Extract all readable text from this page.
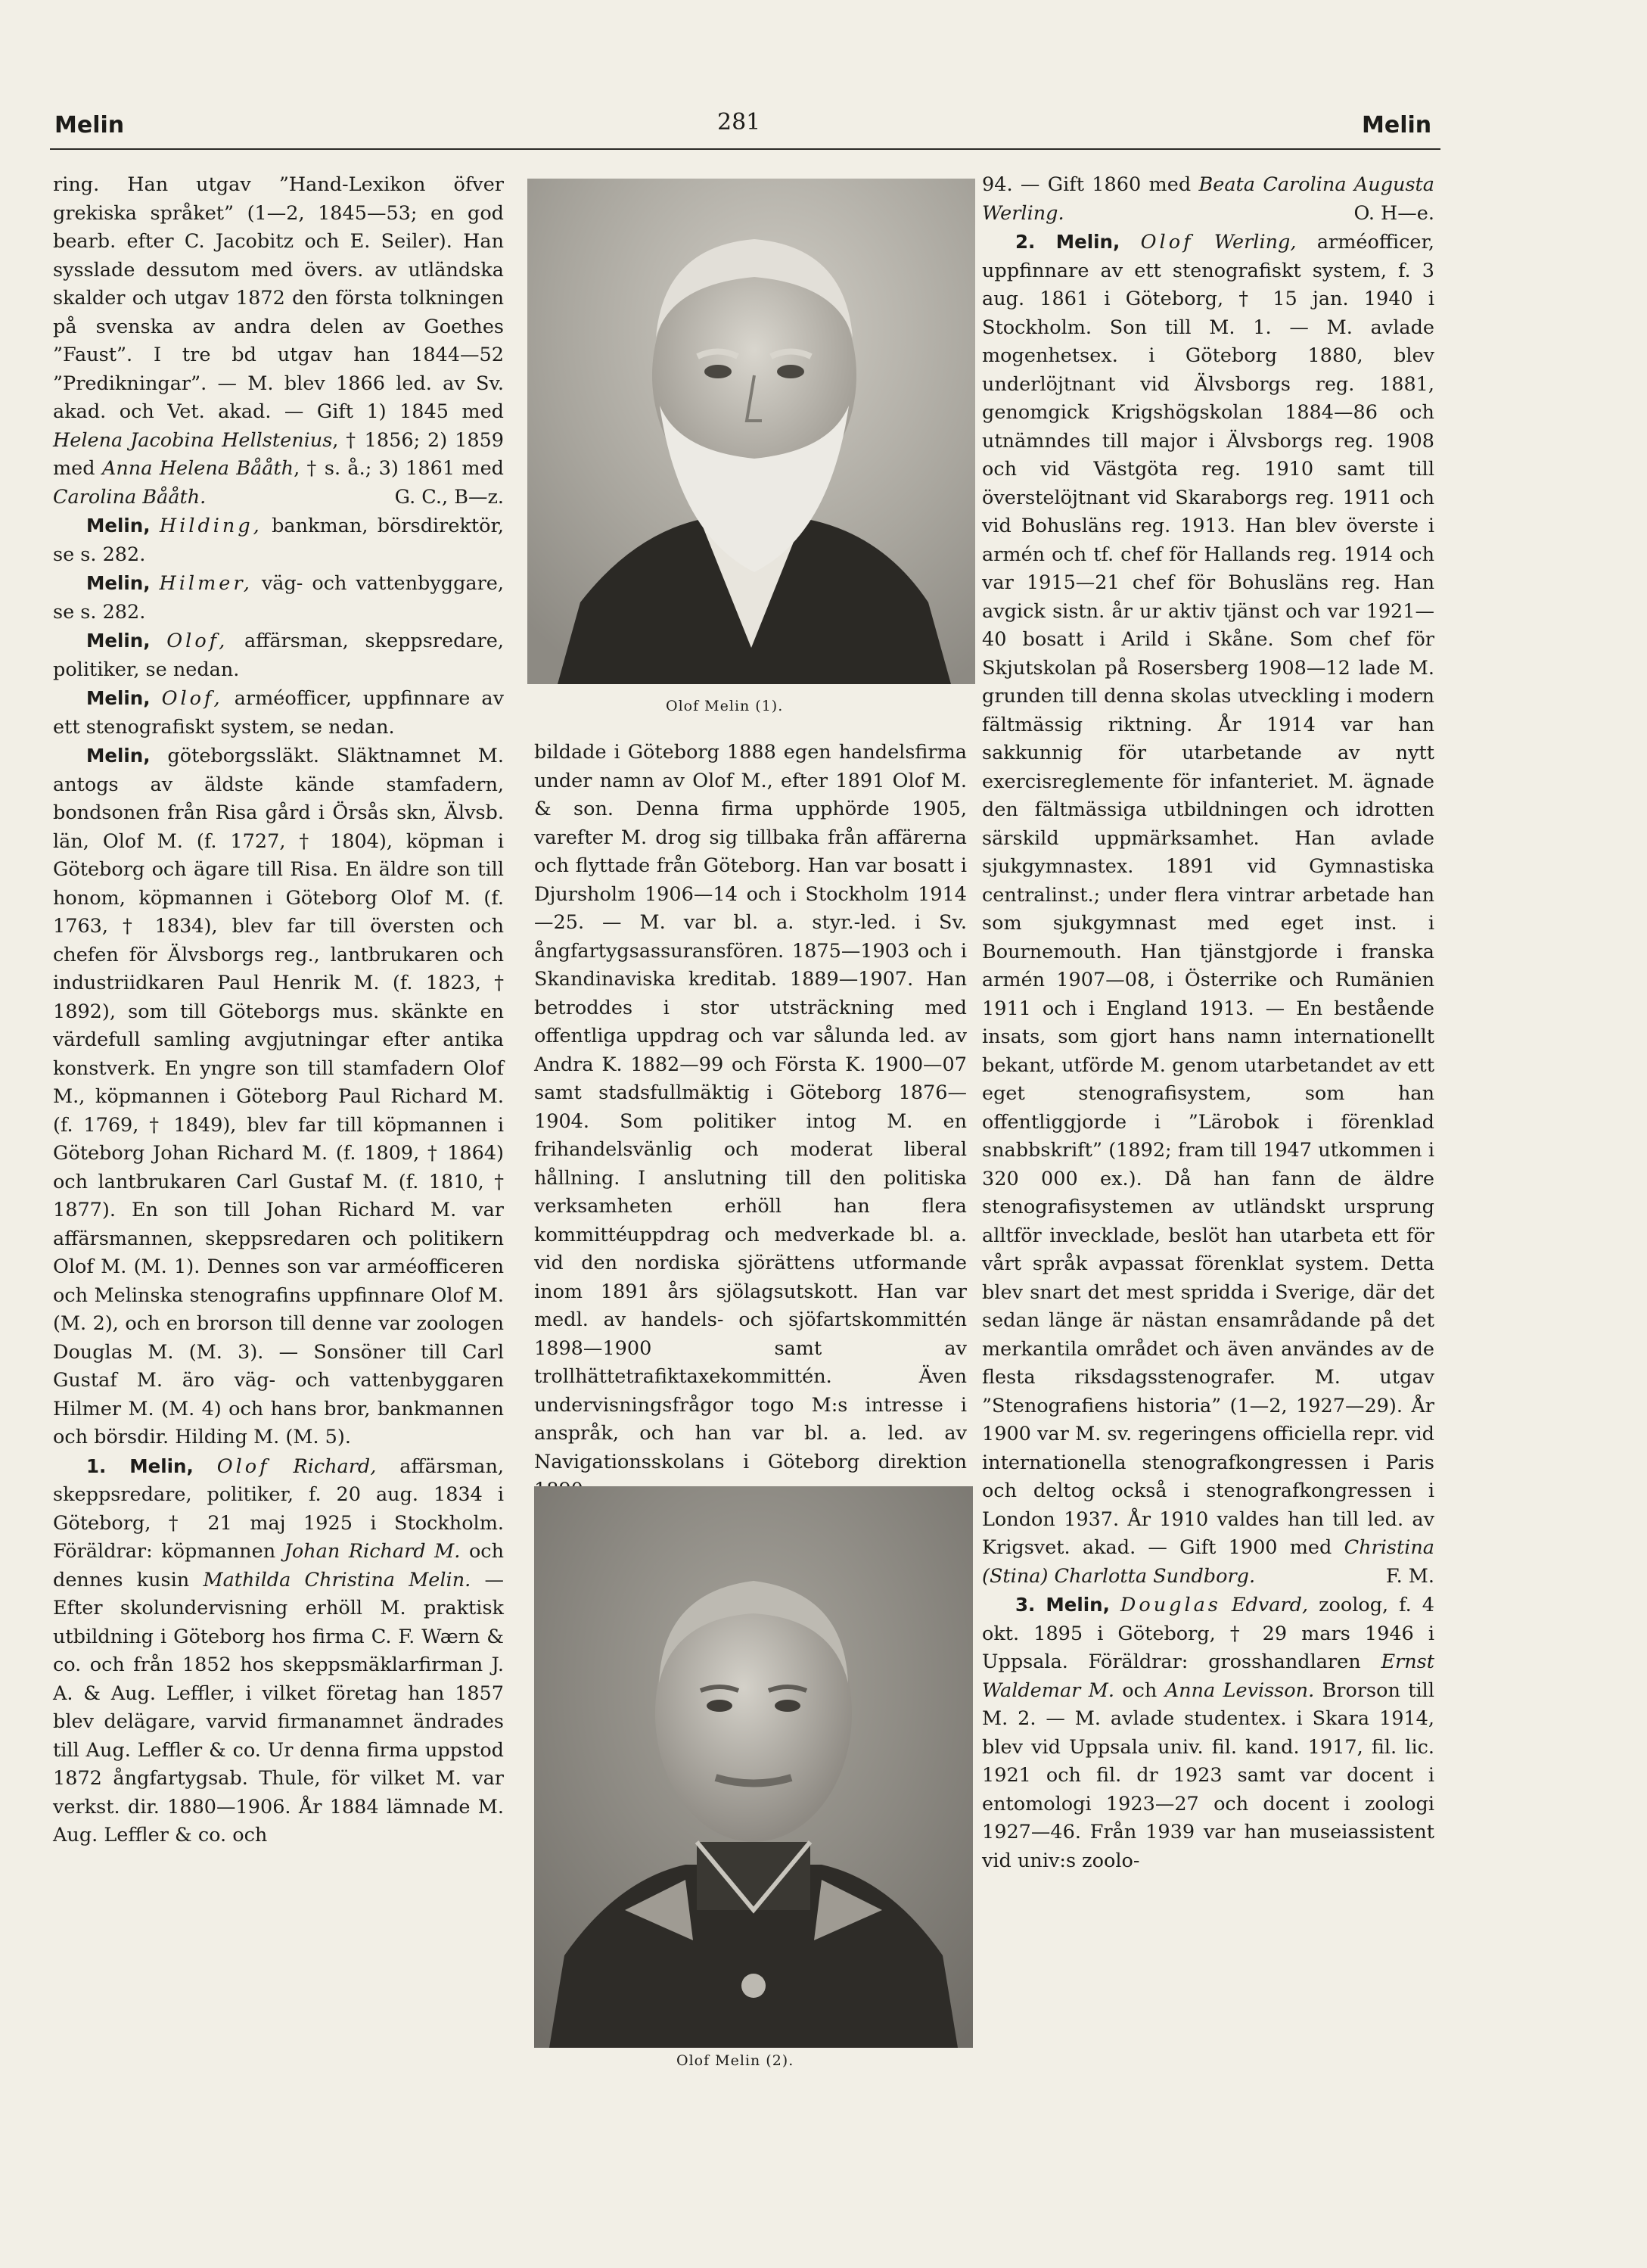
Melin	281	Melin

ring. Han utgav ”Hand-Lexikon öfver grekiska språket” (1—2, 1845—53; en god bearb. efter C. Jacobitz och E. Seiler). Han sysslade dessutom med övers. av utländska skalder och utgav 1872 den första tolkningen på svenska av andra delen av Goethes ”Faust”. I tre bd utgav han 1844—52 ”Predikningar”. — M. blev 1866 led. av Sv. akad. och Vet. akad. — Gift 1) 1845 med Helena Jacobina Hellstenius, † 1856; 2) 1859 med Anna Helena Bååth, † s. å.; 3) 1861 med Carolina Bååth.	G. C., B—z.

Melin, Hilding, bankman, börsdirektör, se s. 282.

Melin, Hilmer, väg- och vattenbyggare, se s. 282.

Melin, Olof, affärsman, skeppsredare, politiker, se nedan.

Melin, Olof, arméofficer, uppfinnare av ett stenografiskt system, se nedan.

Melin, göteborgssläkt. Släktnamnet M. antogs av äldste kände stamfadern, bondsonen från Risa gård i Örsås skn, Älvsb. län, Olof M. (f. 1727, † 1804), köpman i Göteborg och ägare till Risa. En äldre son till honom, köpmannen i Göteborg Olof M. (f. 1763, † 1834), blev far till översten och chefen för Älvsborgs reg., lantbrukaren och industriidkaren Paul Henrik M. (f. 1823, † 1892), som till Göteborgs mus. skänkte en värdefull samling avgjutningar efter antika konstverk. En yngre son till stamfadern Olof M., köpmannen i Göteborg Paul Richard M. (f. 1769, † 1849), blev far till köpmannen i Göteborg Johan Richard M. (f. 1809, † 1864) och lantbrukaren Carl Gustaf M. (f. 1810, † 1877). En son till Johan Richard M. var affärsmannen, skeppsredaren och politikern Olof M. (M. 1). Dennes son var arméofficeren och Melinska stenografins uppfinnare Olof M. (M. 2), och en brorson till denne var zoologen Douglas M. (M. 3). — Sonsöner till Carl Gustaf M. äro väg- och vattenbyggaren Hilmer M. (M. 4) och hans bror, bankmannen och börsdir. Hilding M. (M. 5).

1. Melin, Olof Richard, affärsman, skeppsredare, politiker, f. 20 aug. 1834 i Göteborg, † 21 maj 1925 i Stockholm. Föräldrar: köpmannen Johan Richard M. och dennes kusin Mathilda Christina Melin. — Efter skolundervisning erhöll M. praktisk utbildning i Göteborg hos firma C. F. Wærn & co. och från 1852 hos skeppsmäklarfirman J. A. & Aug. Leffler, i vilket företag han 1857 blev delägare, varvid firmanamnet ändrades till Aug. Leffler & co. Ur denna firma uppstod 1872 ångfartygsab. Thule, för vilket M. var verkst. dir. 1880—1906. År 1884 lämnade M. Aug. Leffler & co. och

Olof Melin (1).

bildade i Göteborg 1888 egen handelsfirma under namn av Olof M., efter 1891 Olof M. & son. Denna firma upphörde 1905, varefter M. drog sig tillbaka från affärerna och flyttade från Göteborg. Han var bosatt i Djursholm 1906—14 och i Stockholm 1914—25. — M. var bl. a. styr.-led. i Sv. ångfartygsassuransfören. 1875—1903 och i Skandinaviska kreditab. 1889—1907. Han betroddes i stor utsträckning med offentliga uppdrag och var sålunda led. av Andra K. 1882—99 och Första K. 1900—07 samt stadsfullmäktig i Göteborg 1876—1904. Som politiker intog M. en frihandelsvänlig och moderat liberal hållning. I anslutning till den politiska verksamheten erhöll han flera kommittéuppdrag och medverkade bl. a. vid den nordiska sjörättens utformande inom 1891 års sjölagsutskott. Han var medl. av handels- och sjöfartskommittén 1898—1900 samt av trollhättetrafiktaxekommittén. Även undervisningsfrågor togo M:s intresse i anspråk, och han var bl. a. led. av Navigationsskolans i Göteborg direktion

Olof Melin (2).

94. — Gift 1860 med Beata Carolina Augusta Werling.	O. H—e.

2. Melin, Olof Werling, arméofficer, uppfinnare av ett stenografiskt system, f. 3 aug. 1861 i Göteborg, † 15 jan. 1940 i Stockholm. Son till M. 1. — M. avlade mogenhetsex. i Göteborg 1880, blev underlöjtnant vid Älvsborgs reg. 1881, genomgick Krigshögskolan 1884—86 och utnämndes till major i Älvsborgs reg. 1908 och vid Västgöta reg. 1910 samt till överstelöjtnant vid Skaraborgs reg. 1911 och vid Bohusläns reg. 1913. Han blev överste i armén och tf. chef för Hallands reg. 1914 och var 1915—21 chef för Bohusläns reg. Han avgick sistn. år ur aktiv tjänst och var 1921—40 bosatt i Arild i Skåne. Som chef för Skjutskolan på Rosersberg 1908—12 lade M. grunden till denna skolas utveckling i modern fältmässig riktning. År 1914 var han sakkunnig för utarbetande av nytt exercisreglemente för infanteriet. M. ägnade den fältmässiga utbildningen och idrotten särskild uppmärksamhet. Han avlade sjukgymnastex. 1891 vid Gymnastiska centralinst.; under flera vintrar arbetade han som sjukgymnast med eget inst. i Bournemouth. Han tjänstgjorde i franska armén 1907—08, i Österrike och Rumänien 1911 och i England 1913. — En bestående insats, som gjort hans namn internationellt bekant, utförde M. genom utarbetandet av ett eget stenografisystem, som han offentliggjorde i ”Lärobok i förenklad snabbskrift” (1892; fram till 1947 utkommen i 320 000 ex.). Då han fann de äldre stenografisystemen av utländskt ursprung alltför invecklade, beslöt han utarbeta ett för vårt språk avpassat förenklat system. Detta blev snart det mest spridda i Sverige, där det sedan länge är nästan ensamrådande på det merkantila området och även användes av de flesta riksdagsstenografer. M. utgav ”Stenografiens historia” (1—2, 1927—29). År 1900 var M. sv. regeringens officiella repr. vid internationella stenografkongressen i Paris och deltog också i stenografkongressen i London 1937. År 1910 valdes han till led. av Krigsvet. akad. — Gift 1900 med Christina (Stina) Charlotta Sundborg.	F. M.

3. Melin, Douglas Edvard, zoolog, f. 4 okt. 1895 i Göteborg, † 29 mars 1946 i Uppsala. Föräldrar: grosshandlaren Ernst Waldemar M. och Anna Levisson. Brorson till M. 2. — M. avlade studentex. i Skara 1914, blev vid Uppsala univ. fil. kand. 1917, fil. lic. 1921 och fil. dr 1923 samt var docent i entomologi 1923—27 och docent i zoologi 1927—46. Från 1939 var han museiassistent vid univ:s zoolo-
